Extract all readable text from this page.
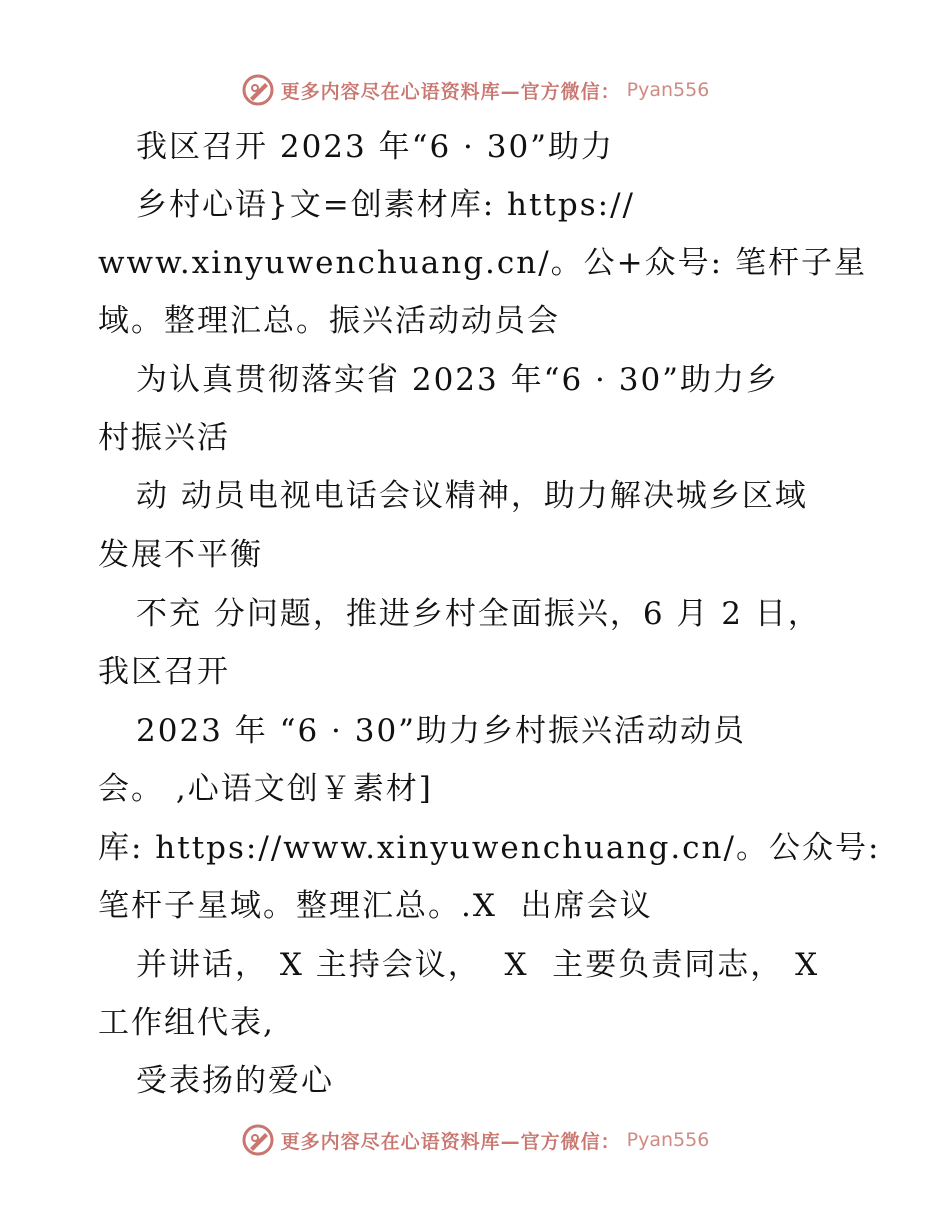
更多内容尽在心语资料库—官方微信： Pyan556
我区召开 2023 年“6 · 30”助力
乡村心语}文=创素材库: https://
www.xinyuwenchuang.cn/。公+众号: 笔杆子星
域。整理汇总。振兴活动动员会
为认真贯彻落实省 2023 年“6 · 30”助力乡
村振兴活
动 动员电视电话会议精神，助力解决城乡区域
发展不平衡
不充 分问题，推进乡村全面振兴，6 月 2 日，
我区召开
2023 年 “6 · 30”助力乡村振兴活动动员
会。 ,心语文创￥素材]
库: https://www.xinyuwenchuang.cn/。公众号:
笔杆子星域。整理汇总。.X  出席会议
并讲话， X 主持会议，  X  主要负责同志， X
工作组代表,
受表扬的爱心
更多内容尽在心语资料库—官方微信： Pyan556
